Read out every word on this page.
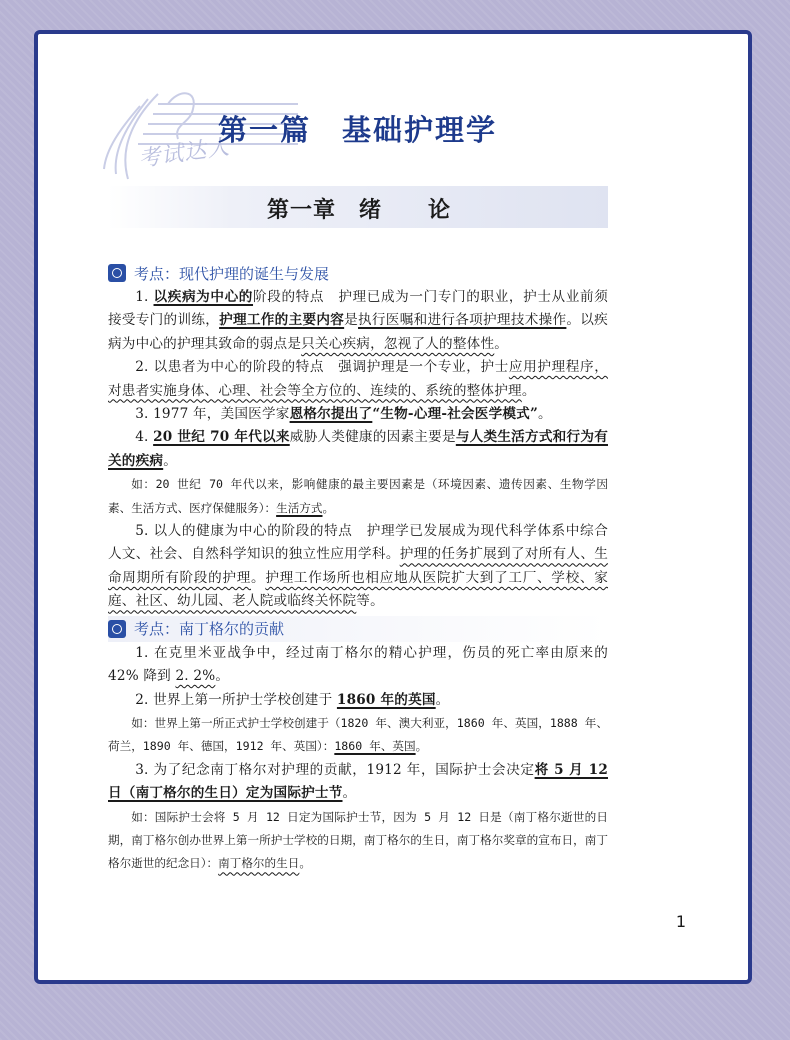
考试达人
第一篇　基础护理学
第一章　绪　　论
考点：现代护理的诞生与发展

1. 以疾病为中心的阶段的特点　护理已成为一门专门的职业，护士从业前须接受专门的训练，护理工作的主要内容是执行医嘱和进行各项护理技术操作。以疾病为中心的护理其致命的弱点是只关心疾病，忽视了人的整体性。

2. 以患者为中心的阶段的特点　强调护理是一个专业，护士应用护理程序，对患者实施身体、心理、社会等全方位的、连续的、系统的整体护理。

3. 1977 年，美国医学家恩格尔提出了“生物-心理-社会医学模式”。

4. 20 世纪 70 年代以来威胁人类健康的因素主要是与人类生活方式和行为有关的疾病。

如：20 世纪 70 年代以来，影响健康的最主要因素是（环境因素、遗传因素、生物学因素、生活方式、医疗保健服务）：生活方式。

5. 以人的健康为中心的阶段的特点　护理学已发展成为现代科学体系中综合人文、社会、自然科学知识的独立性应用学科。护理的任务扩展到了对所有人、生命周期所有阶段的护理。护理工作场所也相应地从医院扩大到了工厂、学校、家庭、社区、幼儿园、老人院或临终关怀院等。

考点：南丁格尔的贡献

1. 在克里米亚战争中，经过南丁格尔的精心护理，伤员的死亡率由原来的 42% 降到 2. 2%。

2. 世界上第一所护士学校创建于 1860 年的英国。

如：世界上第一所正式护士学校创建于（1820 年、澳大利亚，1860 年、英国，1888 年、荷兰，1890 年、德国，1912 年、英国）：1860 年、英国。

3. 为了纪念南丁格尔对护理的贡献，1912 年，国际护士会决定将 5 月 12 日（南丁格尔的生日）定为国际护士节。

如：国际护士会将 5 月 12 日定为国际护士节，因为 5 月 12 日是（南丁格尔逝世的日期，南丁格尔创办世界上第一所护士学校的日期，南丁格尔的生日，南丁格尔奖章的宣布日，南丁格尔逝世的纪念日）：南丁格尔的生日。

1
